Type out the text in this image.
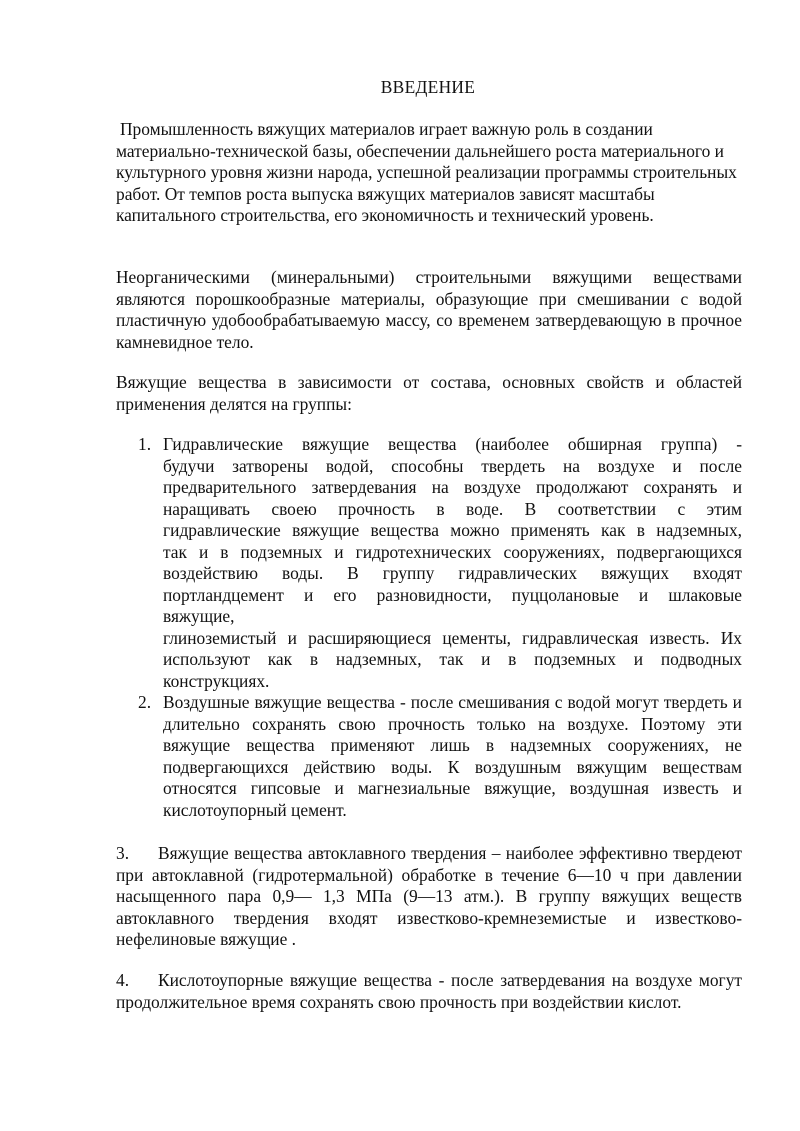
ВВЕДЕНИЕ

Промышленность вяжущих материалов играет важную роль в создании материально-технической базы, обеспечении дальнейшего роста материального и культурного уровня жизни народа, успешной реализации программы строительных работ. От темпов роста выпуска вяжущих материалов зависят масштабы капитального строительства, его экономичность и технический уровень.

Неорганическими (минеральными) строительными вяжущими веществами являются порошкообразные материалы, образующие при смешивании с водой пластичную удобообрабатываемую массу, со временем затвердевающую в прочное камневидное тело.

Вяжущие вещества в зависимости от состава, основных свойств и областей применения делятся на группы:

1. Гидравлические вяжущие вещества (наиболее обширная группа) -
будучи затворены водой, способны твердеть на воздухе и после
предварительного затвердевания на воздухе продолжают сохранять и
наращивать своею прочность в воде. В соответствии с этим
гидравлические вяжущие вещества можно применять как в надземных,
так и в подземных и гидротехнических сооружениях, подвергающихся
воздействию воды. В группу гидравлических вяжущих входят
портландцемент и его разновидности, пуццолановые и шлаковые
вяжущие,
глиноземистый и расширяющиеся цементы, гидравлическая известь. Их
используют как в надземных, так и в подземных и подводных
конструкциях.
2. Воздушные вяжущие вещества - после смешивания с водой могут твердеть и длительно сохранять свою прочность только на воздухе. Поэтому эти вяжущие вещества применяют лишь в надземных сооружениях, не подвергающихся действию воды. К воздушным вяжущим веществам относятся гипсовые и магнезиальные вяжущие, воздушная известь и кислотоупорный цемент.

3. Вяжущие вещества автоклавного твердения – наиболее эффективно твердеют при автоклавной (гидротермальной) обработке в течение 6—10 ч при давлении насыщенного пара 0,9— 1,3 МПа (9—13 атм.). В группу вяжущих веществ автоклавного твердения входят известково-кремнеземистые и известково-нефелиновые вяжущие .

4. Кислотоупорные вяжущие вещества - после затвердевания на воздухе могут продолжительное время сохранять свою прочность при воздействии кислот.
